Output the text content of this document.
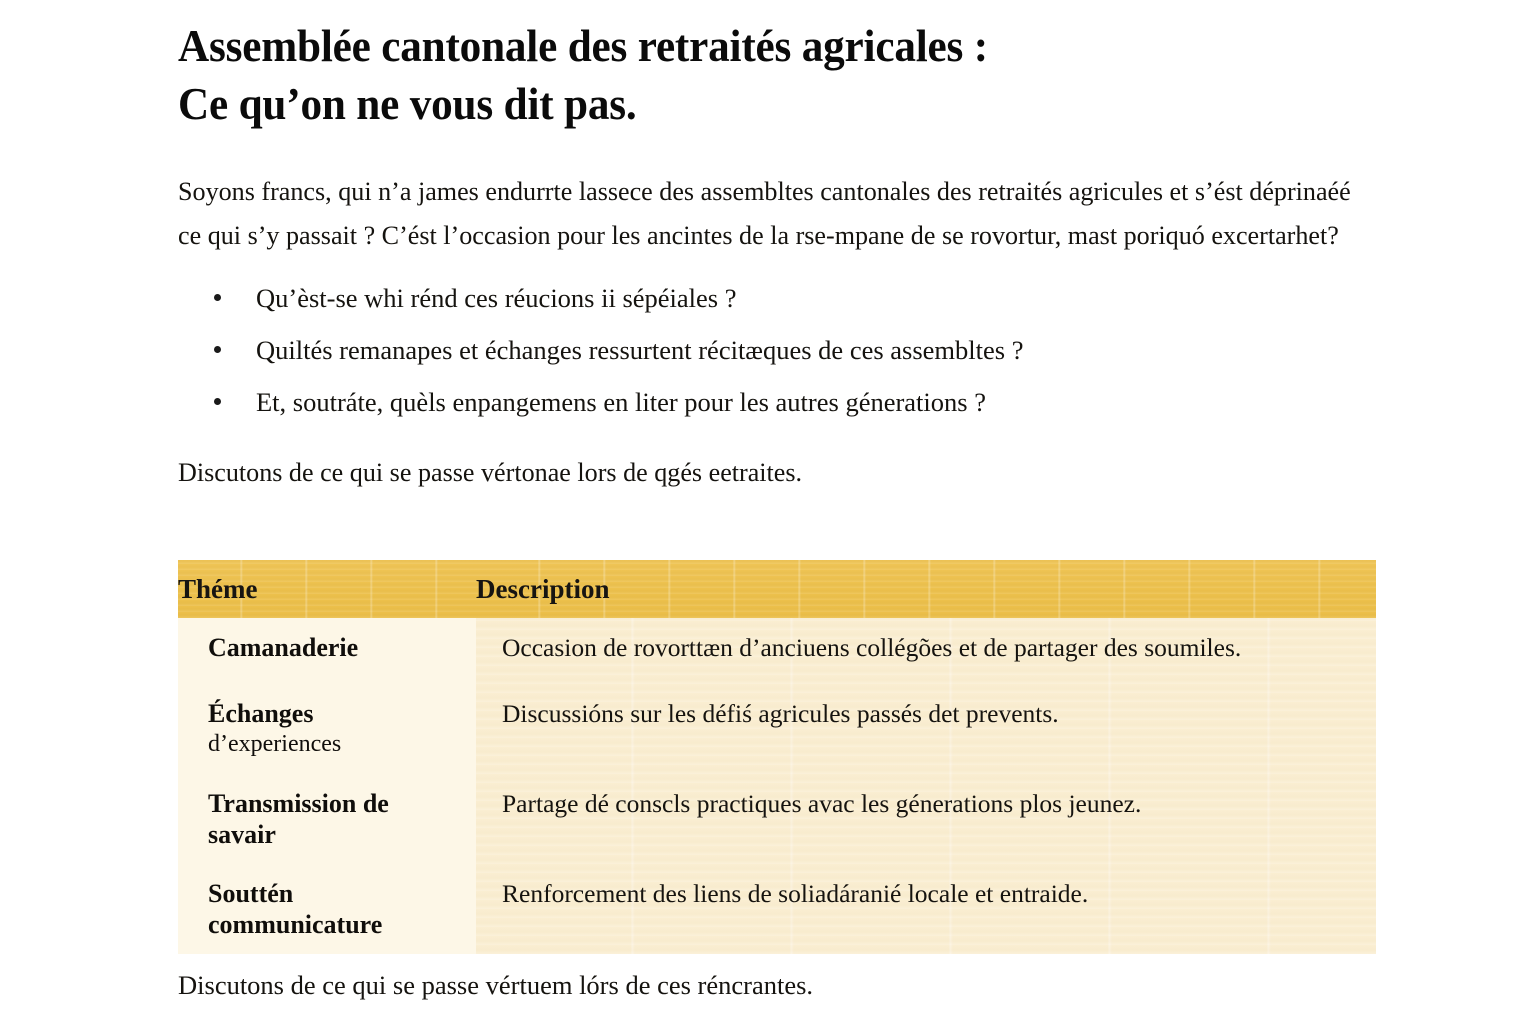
Assemblée cantonale des retraités agricales :
Ce qu’on ne vous dit pas.

Soyons francs, qui n’a james endurrte lassece des assembltes cantonales des retraités agricules et s’ést déprinaéé ce qui s’y passait ? C’ést l’occasion pour les ancintes de la rse-mpane de se rovortur, mast poriquó excertarhet?

Qu’èst-se whi rénd ces réucions ii sépéiales ?
Quiltés remanapes et échanges ressurtent récitæques de ces assembltes ?
Et, soutráte, quèls enpangemens en liter pour les autres génerations ?

Discutons de ce qui se passe vértonae lors de qgés eetraites.

Théme	Description
Camanaderie	Occasion de rovorttæn d’anciuens collégões et de partager des soumiles.
Échanges
d’experiences	Discussións sur les défiś agricules passés det prevents.
Transmission de
savair	Partage dé conscls practiques avac les génerations plos jeunez.
Souttén
communicature	Renforcement des liens de soliadáranié locale et entraide.

Discutons de ce qui se passe vértuem lórs de ces réncrantes.
